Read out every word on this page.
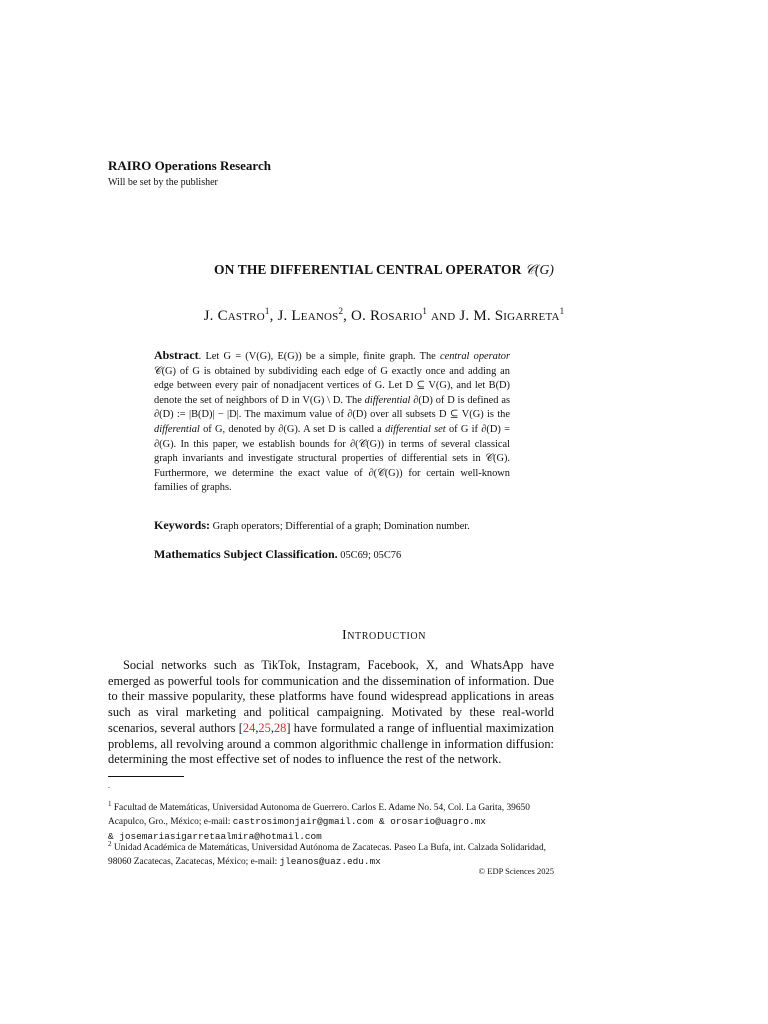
RAIRO Operations Research
Will be set by the publisher
ON THE DIFFERENTIAL CENTRAL OPERATOR 𝒞(G)
J. Castro$^1$, J. Leanos$^2$, O. Rosario$^1$ and J. M. Sigarreta$^1$
Abstract. Let G = (V(G), E(G)) be a simple, finite graph. The central operator 𝒞(G) of G is obtained by subdividing each edge of G exactly once and adding an edge between every pair of nonadjacent vertices of G. Let D ⊆ V(G), and let B(D) denote the set of neighbors of D in V(G) \ D. The differential ∂(D) of D is defined as ∂(D) := |B(D)| − |D|. The maximum value of ∂(D) over all subsets D ⊆ V(G) is the differential of G, denoted by ∂(G). A set D is called a differential set of G if ∂(D) = ∂(G). In this paper, we establish bounds for ∂(𝒞(G)) in terms of several classical graph invariants and investigate structural properties of differential sets in 𝒞(G). Furthermore, we determine the exact value of ∂(𝒞(G)) for certain well-known families of graphs.
Keywords: Graph operators; Differential of a graph; Domination number.
Mathematics Subject Classification. 05C69; 05C76
Introduction
Social networks such as TikTok, Instagram, Facebook, X, and WhatsApp have emerged as powerful tools for communication and the dissemination of information. Due to their massive popularity, these platforms have found widespread applications in areas such as viral marketing and political campaigning. Motivated by these real-world scenarios, several authors [24,25,28] have formulated a range of influential maximization problems, all revolving around a common algorithmic challenge in information diffusion: determining the most effective set of nodes to influence the rest of the network.
.
$^1$ Facultad de Matemáticas, Universidad Autonoma de Guerrero. Carlos E. Adame No. 54, Col. La Garita, 39650 Acapulco, Gro., México; e-mail: castrosimonjair@gmail.com & orosario@uagro.mx
& josemariasigarretaalmira@hotmail.com
$^2$ Unidad Académica de Matemáticas, Universidad Autónoma de Zacatecas. Paseo La Bufa, int. Calzada Solidaridad, 98060 Zacatecas, Zacatecas, México; e-mail: jleanos@uaz.edu.mx
© EDP Sciences 2025
